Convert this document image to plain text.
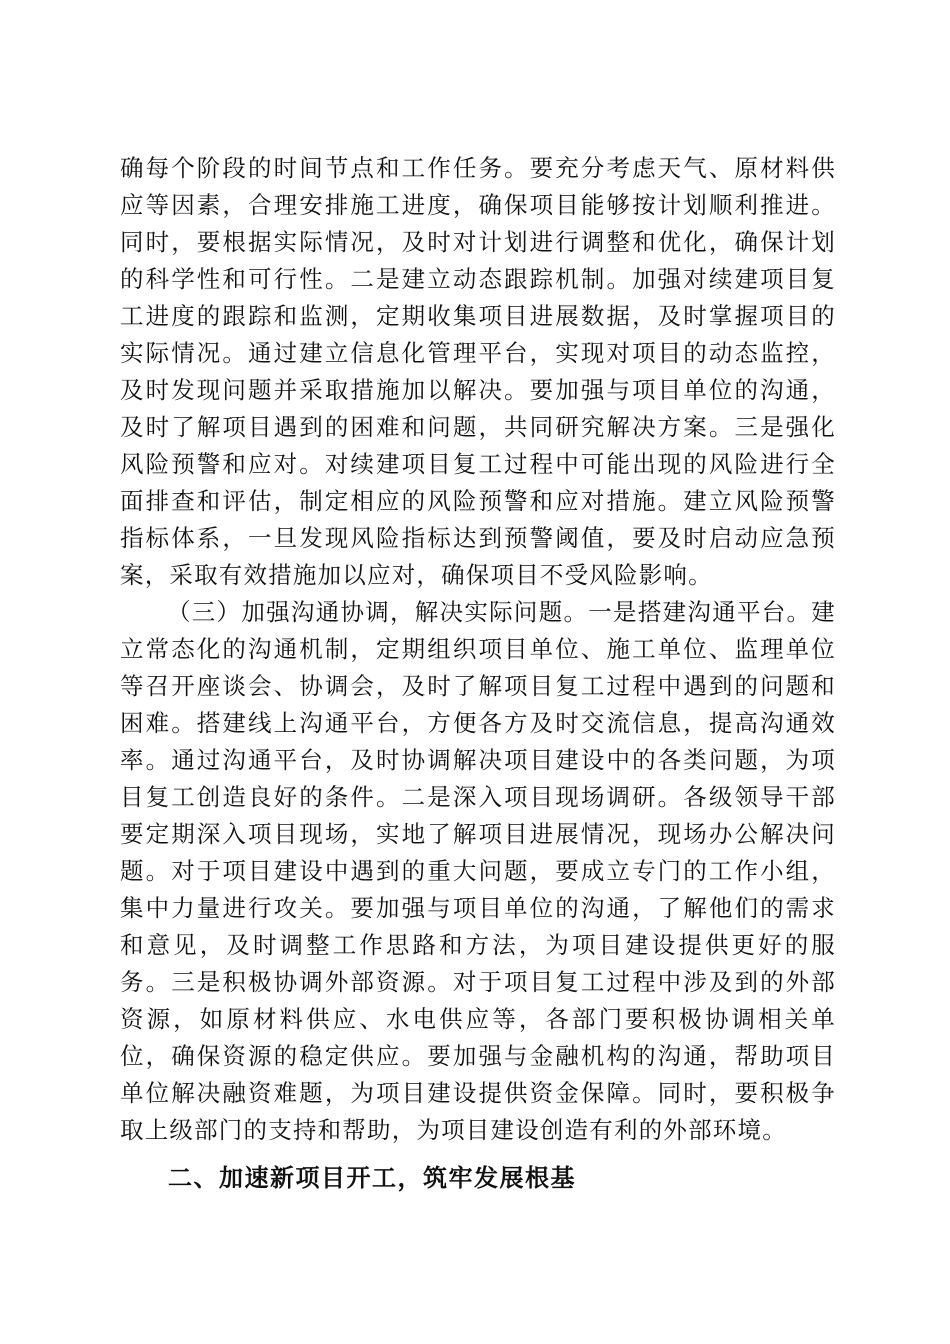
确每个阶段的时间节点和工作任务。要充分考虑天气、原材料供应等因素，合理安排施工进度，确保项目能够按计划顺利推进。同时，要根据实际情况，及时对计划进行调整和优化，确保计划的科学性和可行性。二是建立动态跟踪机制。加强对续建项目复工进度的跟踪和监测，定期收集项目进展数据，及时掌握项目的实际情况。通过建立信息化管理平台，实现对项目的动态监控，及时发现问题并采取措施加以解决。要加强与项目单位的沟通，及时了解项目遇到的困难和问题，共同研究解决方案。三是强化风险预警和应对。对续建项目复工过程中可能出现的风险进行全面排查和评估，制定相应的风险预警和应对措施。建立风险预警指标体系，一旦发现风险指标达到预警阈值，要及时启动应急预案，采取有效措施加以应对，确保项目不受风险影响。

（三）加强沟通协调，解决实际问题。一是搭建沟通平台。建立常态化的沟通机制，定期组织项目单位、施工单位、监理单位等召开座谈会、协调会，及时了解项目复工过程中遇到的问题和困难。搭建线上沟通平台，方便各方及时交流信息，提高沟通效率。通过沟通平台，及时协调解决项目建设中的各类问题，为项目复工创造良好的条件。二是深入项目现场调研。各级领导干部要定期深入项目现场，实地了解项目进展情况，现场办公解决问题。对于项目建设中遇到的重大问题，要成立专门的工作小组，集中力量进行攻关。要加强与项目单位的沟通，了解他们的需求和意见，及时调整工作思路和方法，为项目建设提供更好的服务。三是积极协调外部资源。对于项目复工过程中涉及到的外部资源，如原材料供应、水电供应等，各部门要积极协调相关单位，确保资源的稳定供应。要加强与金融机构的沟通，帮助项目单位解决融资难题，为项目建设提供资金保障。同时，要积极争取上级部门的支持和帮助，为项目建设创造有利的外部环境。

二、加速新项目开工，筑牢发展根基
